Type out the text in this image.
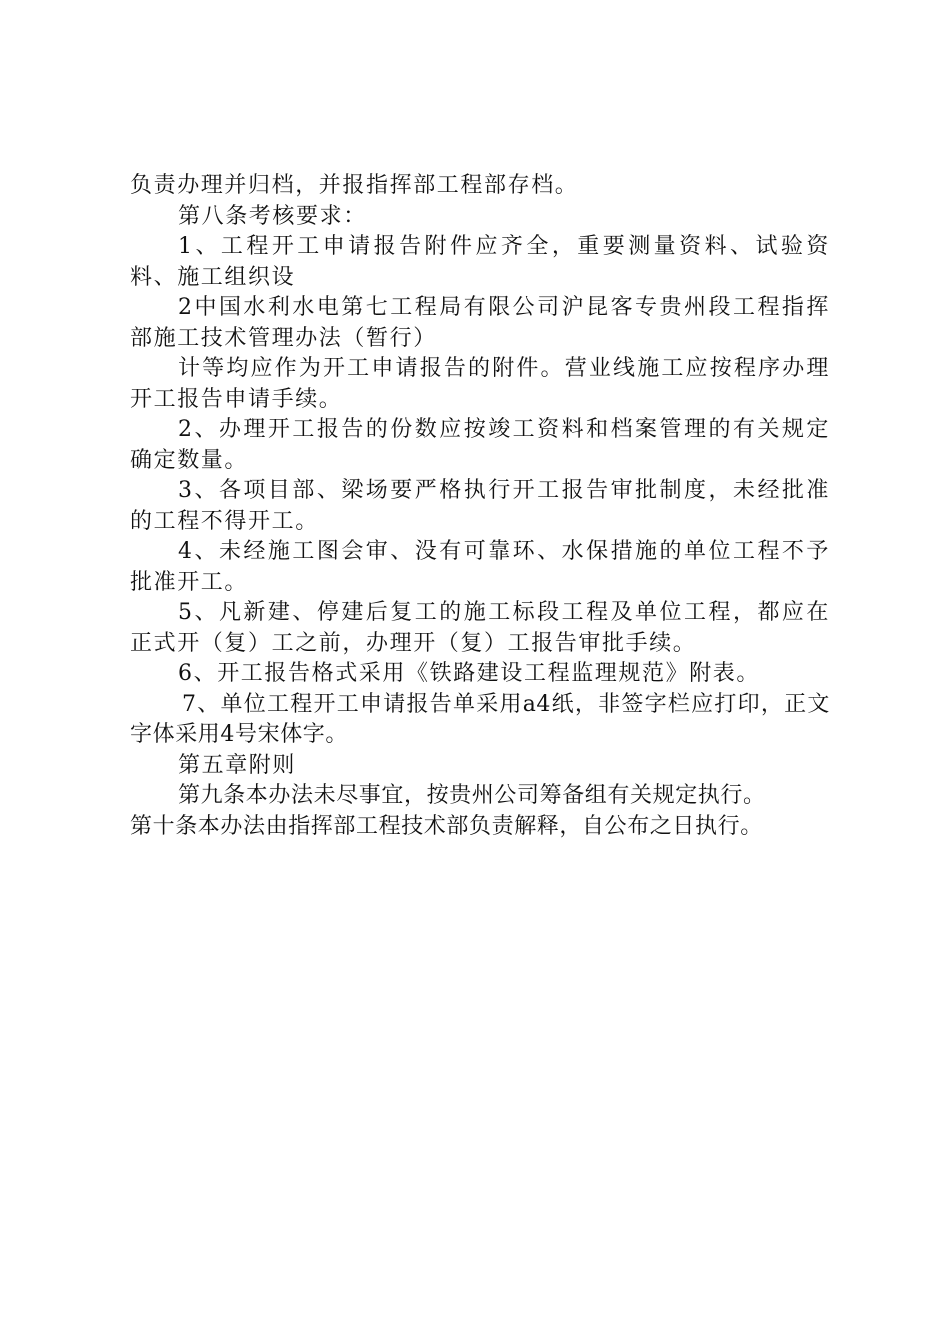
负责办理并归档，并报指挥部工程部存档。

第八条考核要求：

1、工程开工申请报告附件应齐全，重要测量资料、试验资料、施工组织设

2中国水利水电第七工程局有限公司沪昆客专贵州段工程指挥部施工技术管理办法（暂行）

计等均应作为开工申请报告的附件。营业线施工应按程序办理开工报告申请手续。

2、办理开工报告的份数应按竣工资料和档案管理的有关规定确定数量。

3、各项目部、梁场要严格执行开工报告审批制度，未经批准的工程不得开工。

4、未经施工图会审、没有可靠环、水保措施的单位工程不予批准开工。

5、凡新建、停建后复工的施工标段工程及单位工程，都应在正式开（复）工之前，办理开（复）工报告审批手续。

6、开工报告格式采用《铁路建设工程监理规范》附表。

7、单位工程开工申请报告单采用a4纸，非签字栏应打印，正文字体采用4号宋体字。

第五章附则

第九条本办法未尽事宜，按贵州公司筹备组有关规定执行。

第十条本办法由指挥部工程技术部负责解释，自公布之日执行。
